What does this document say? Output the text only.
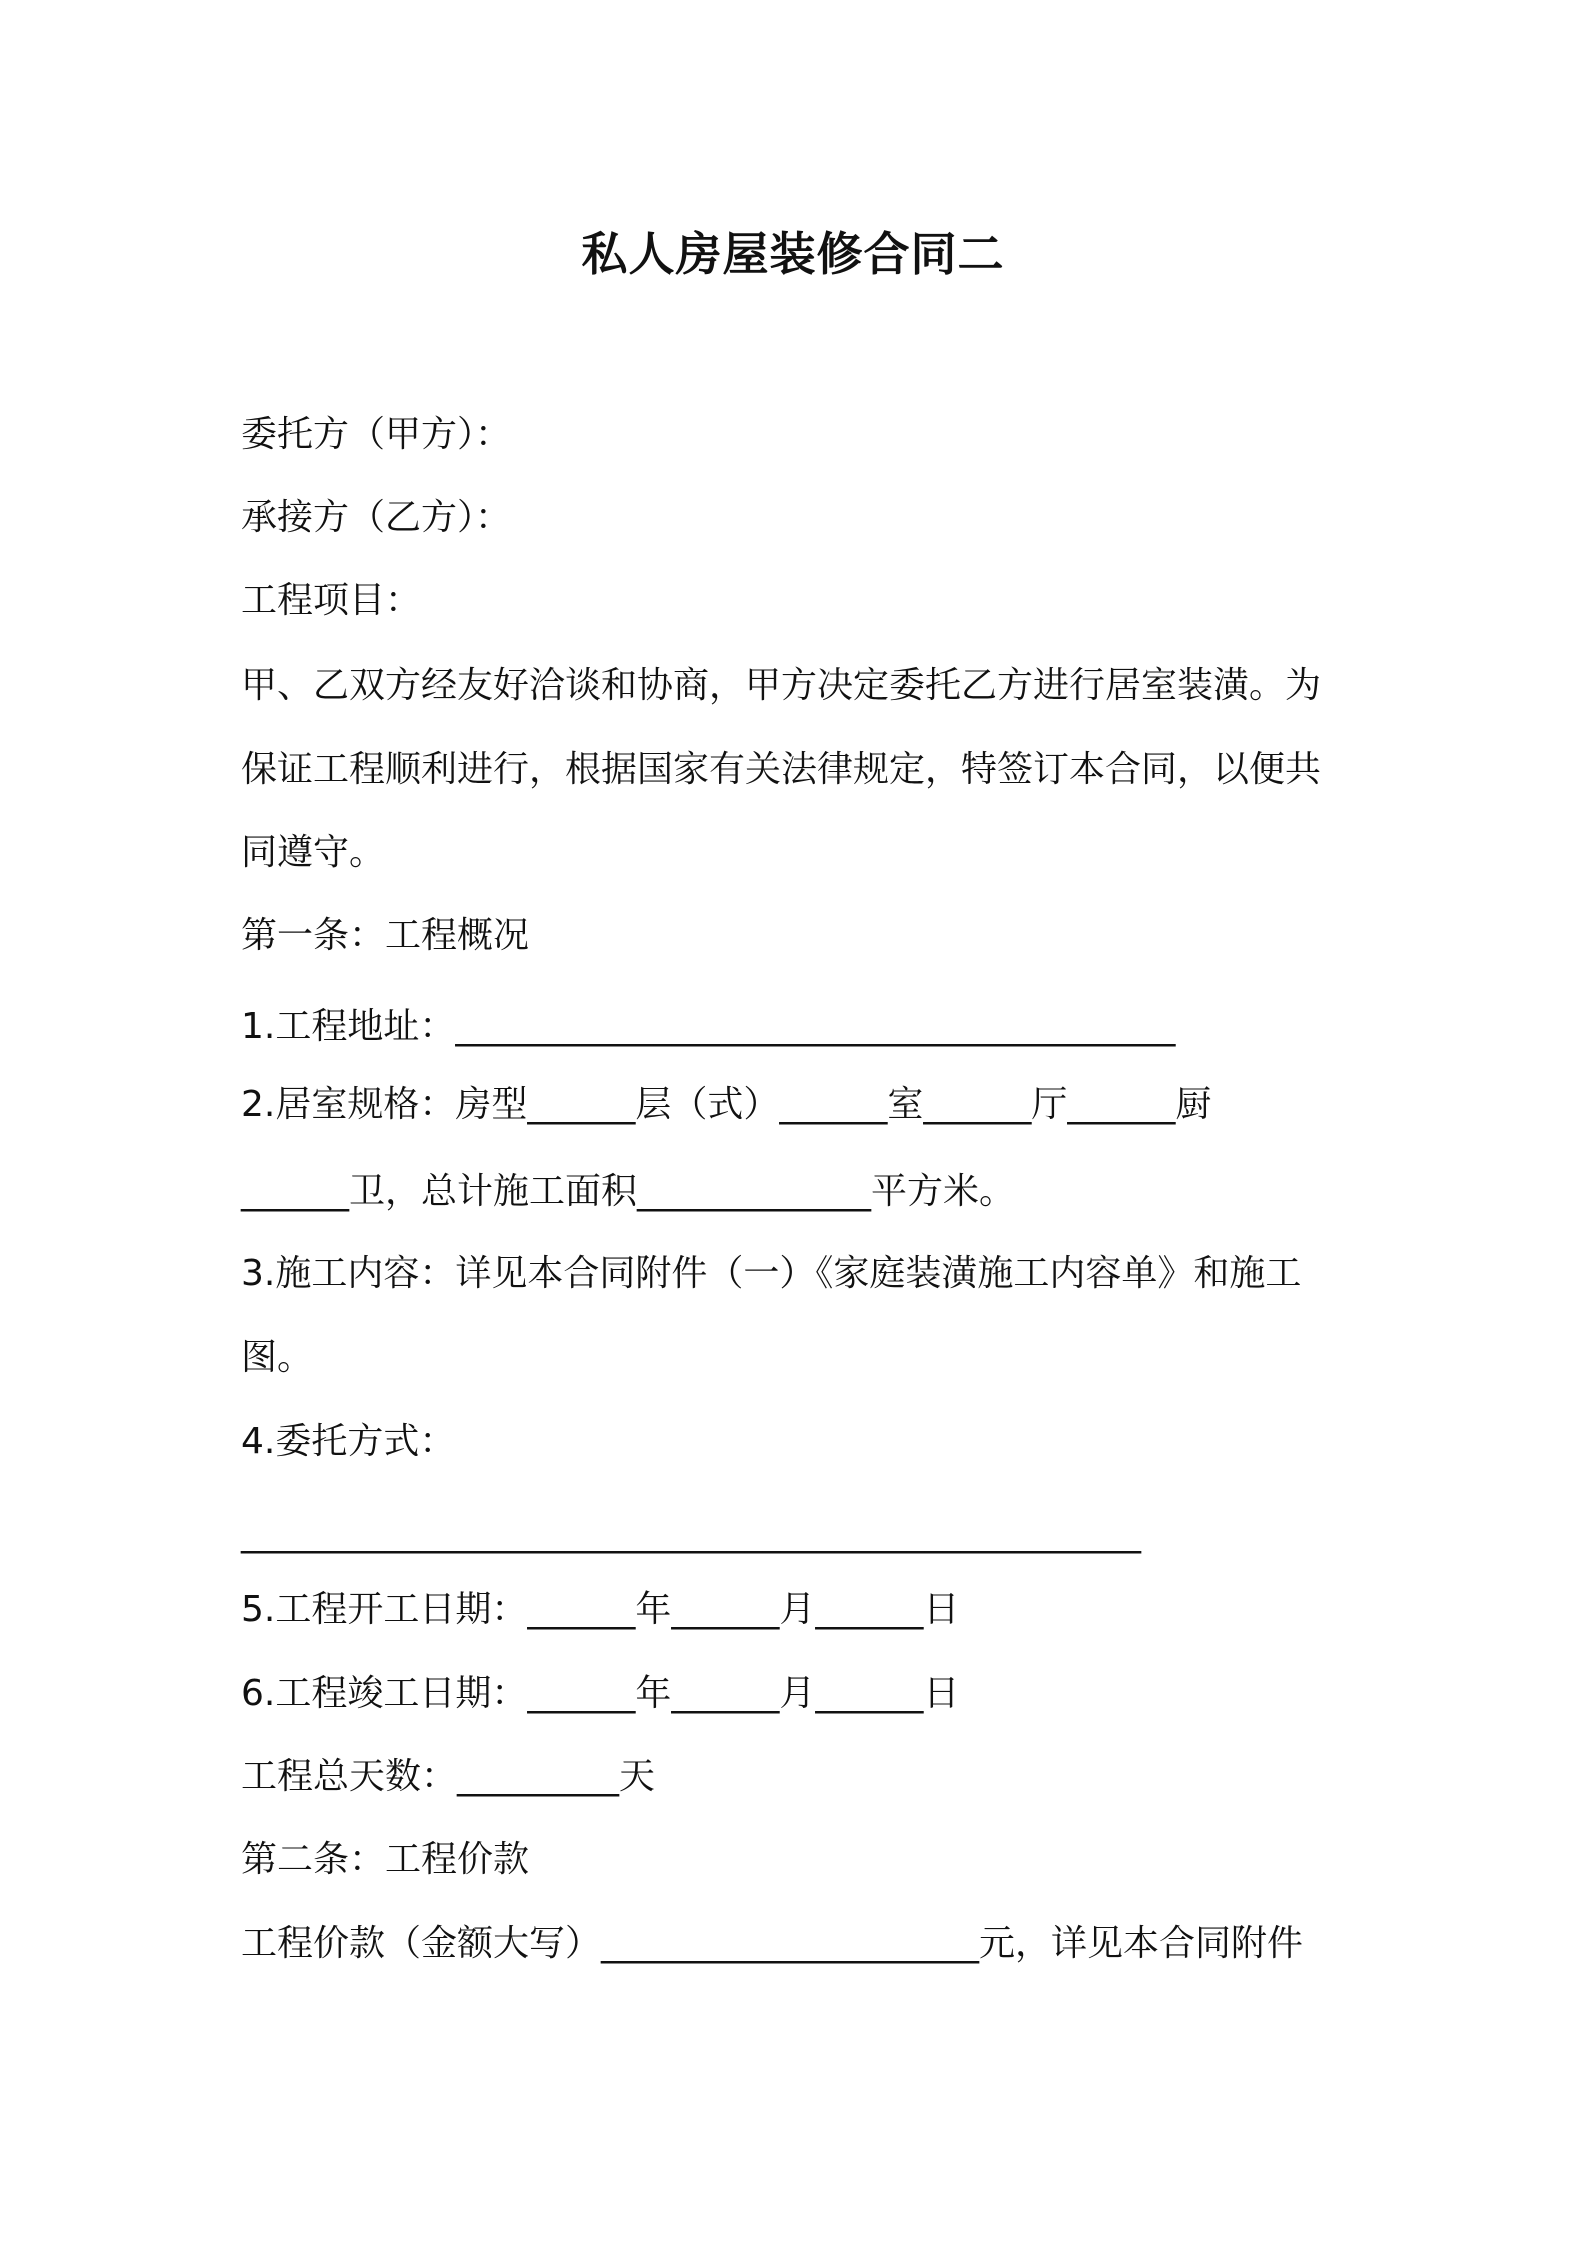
私人房屋装修合同二
委托方（甲方）：
承接方（乙方）：
工程项目：
甲、乙双方经友好洽谈和协商，甲方决定委托乙方进行居室装潢。为
保证工程顺利进行，根据国家有关法律规定，特签订本合同，以便共
同遵守。
第一条：工程概况
1.工程地址：________________________________________
2.居室规格：房型______层（式）______室______厅______厨
______卫，总计施工面积_____________平方米。
3.施工内容：详见本合同附件（一）《家庭装潢施工内容单》和施工
图。
4.委托方式：
__________________________________________________
5.工程开工日期：______年______月______日
6.工程竣工日期：______年______月______日
工程总天数：_________天
第二条：工程价款
工程价款（金额大写）_____________________元，详见本合同附件
